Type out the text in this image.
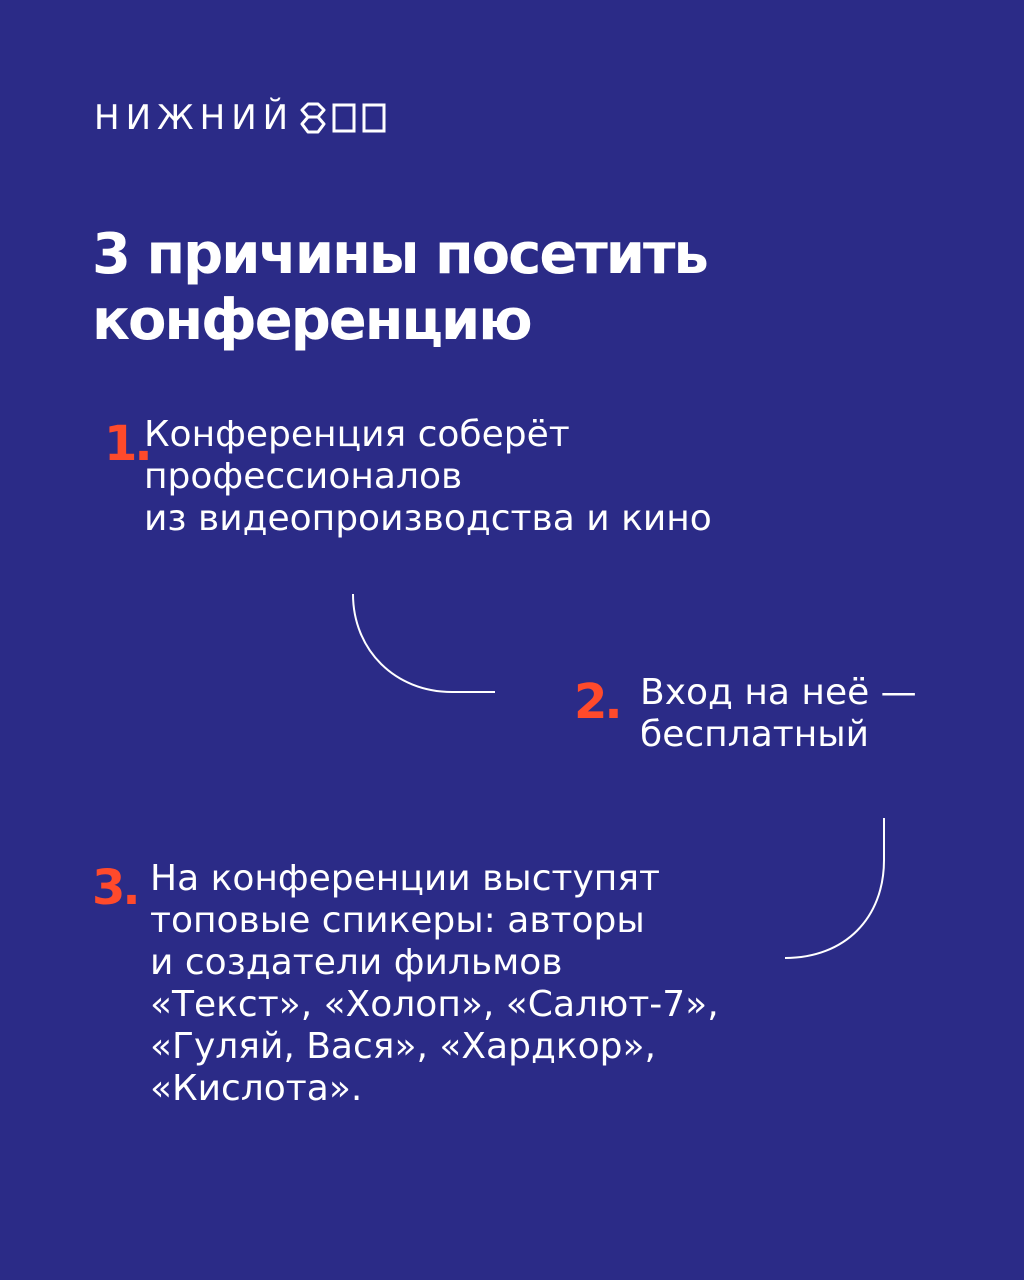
НИЖНИЙ
3 причины посетить конференцию
1.
Конференция соберёт
профессионалов
из видеопроизводства и кино
2. Вход на неё —
бесплатный
3. На конференции выступят
топовые спикеры: авторы
и создатели фильмов
«Текст», «Холоп», «Салют-7»,
«Гуляй, Вася», «Хардкор»,
«Кислота».
